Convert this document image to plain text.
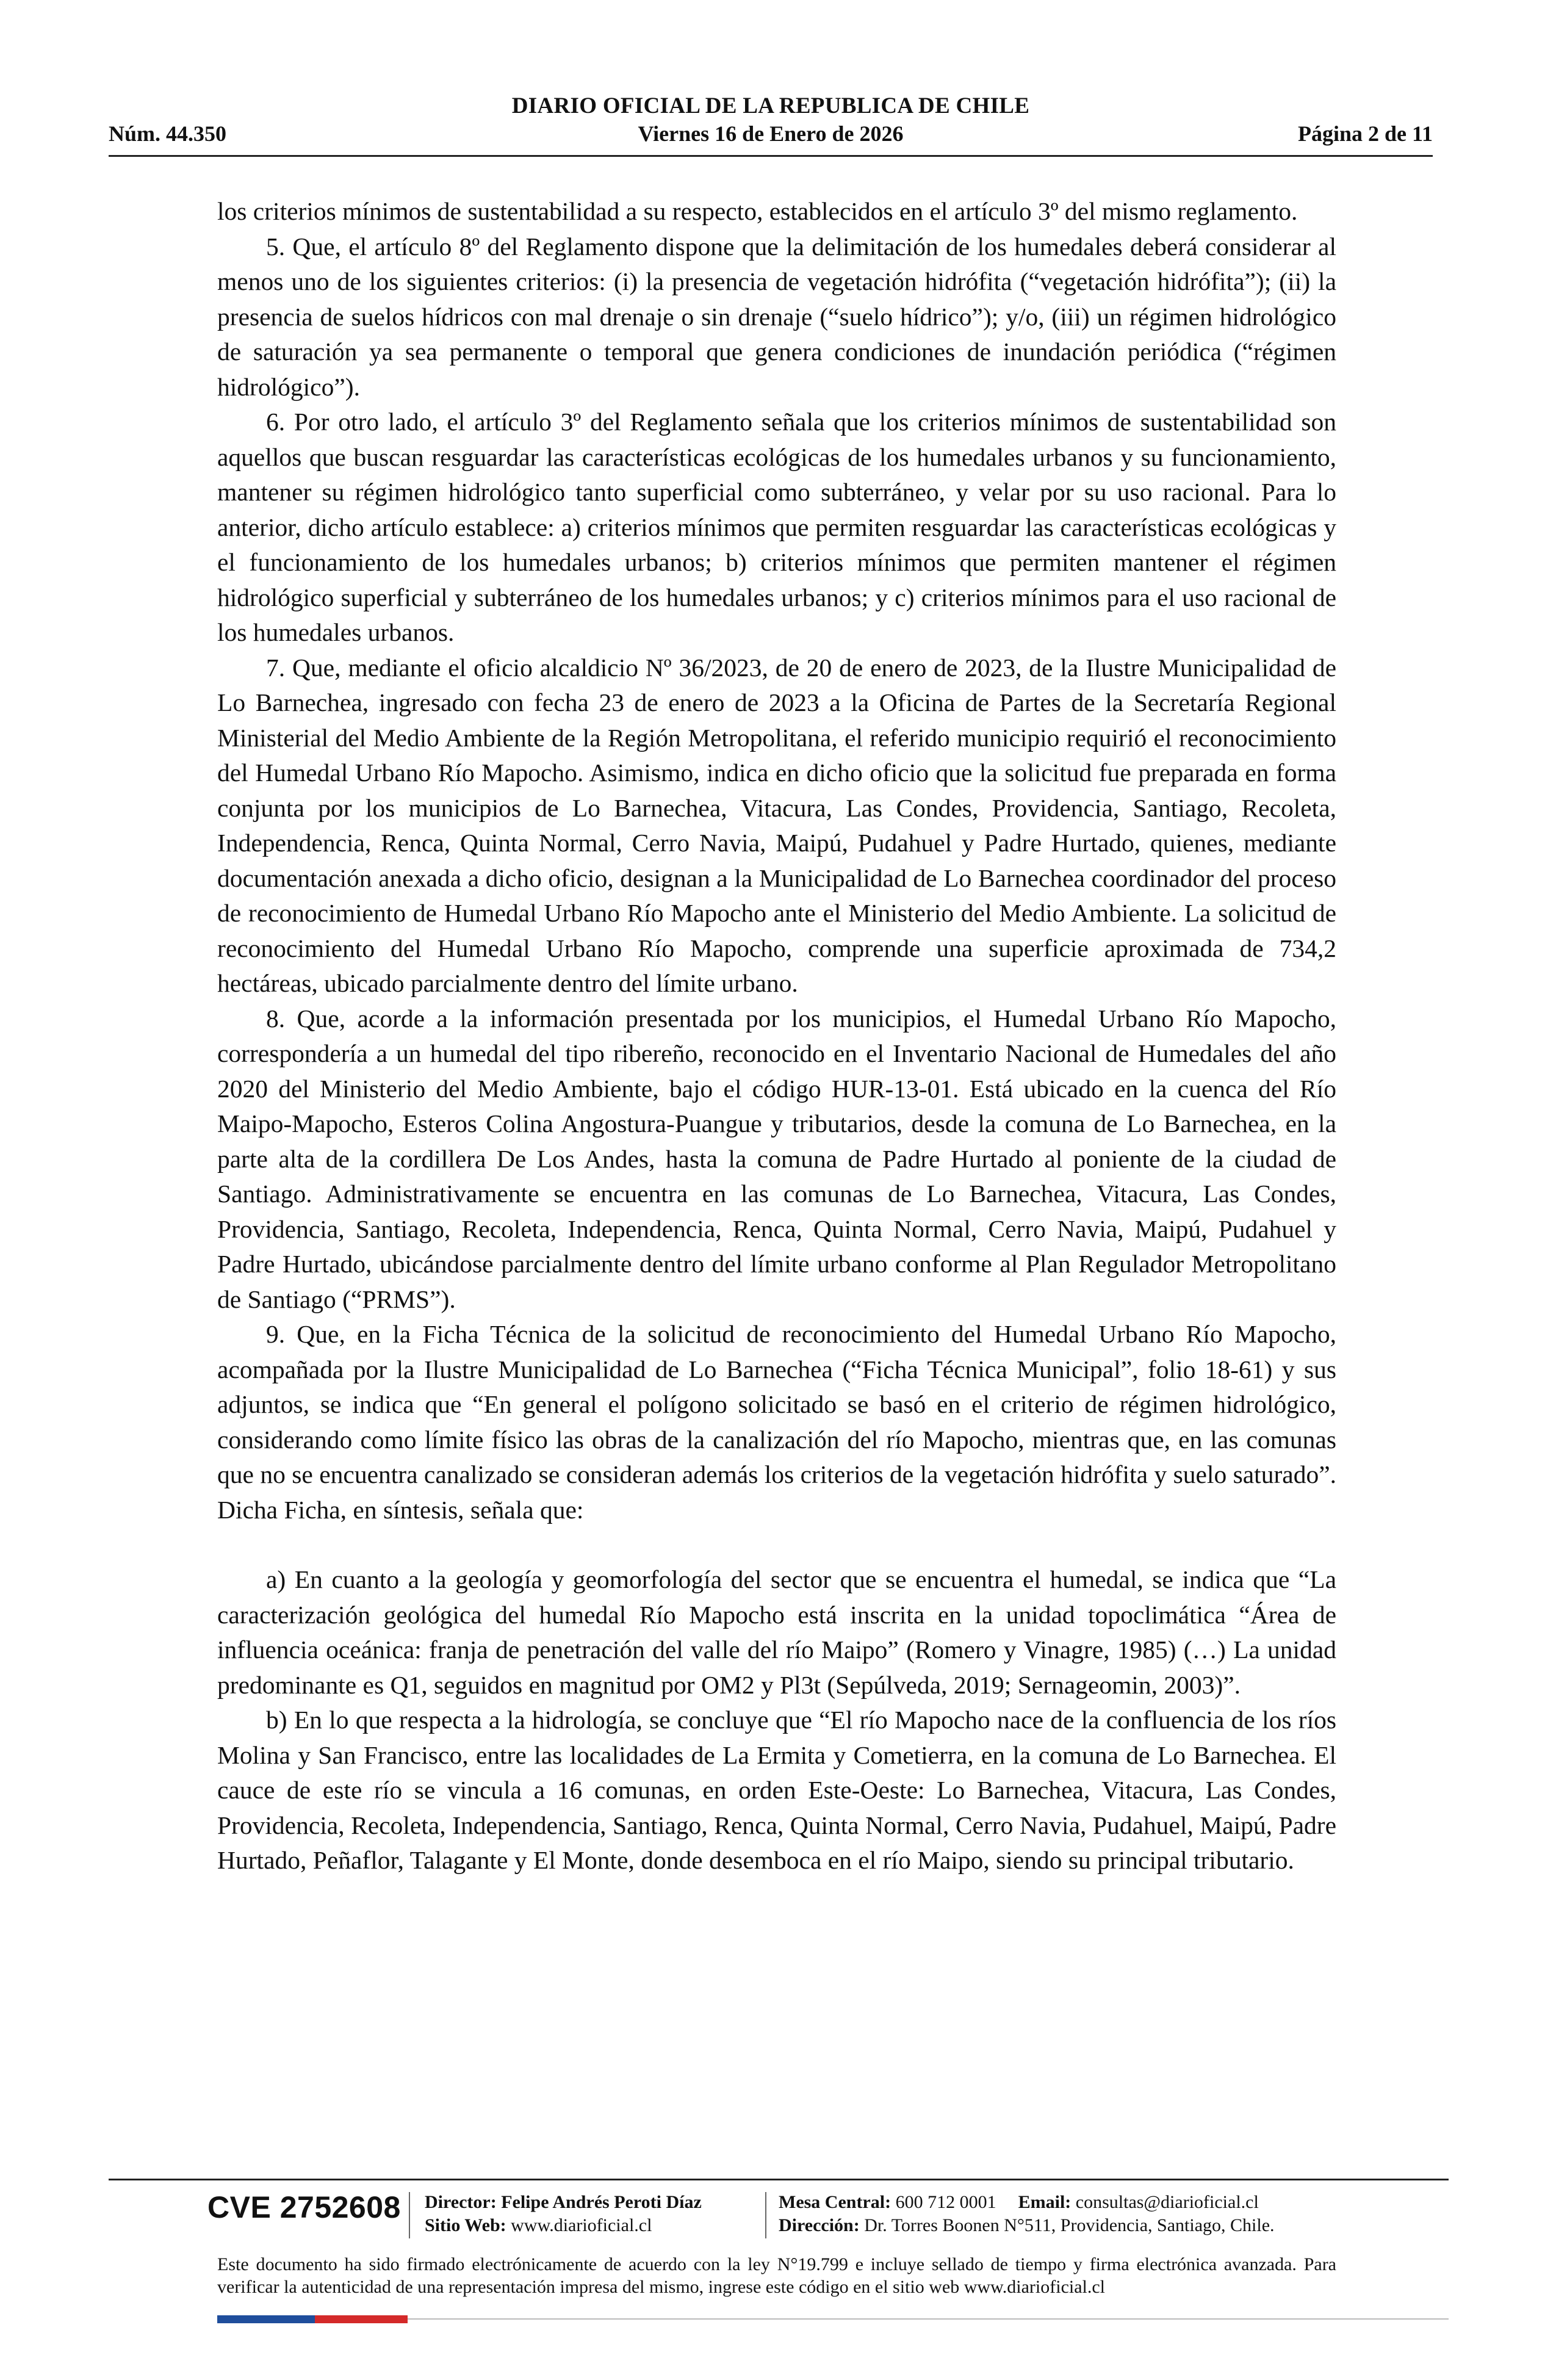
DIARIO OFICIAL DE LA REPUBLICA DE CHILE
Núm. 44.350	Viernes 16 de Enero de 2026	Página 2 de 11

los criterios mínimos de sustentabilidad a su respecto, establecidos en el artículo 3º del mismo reglamento.

5. Que, el artículo 8º del Reglamento dispone que la delimitación de los humedales deberá considerar al menos uno de los siguientes criterios: (i) la presencia de vegetación hidrófita (“vegetación hidrófita”); (ii) la presencia de suelos hídricos con mal drenaje o sin drenaje (“suelo hídrico”); y/o, (iii) un régimen hidrológico de saturación ya sea permanente o temporal que genera condiciones de inundación periódica (“régimen hidrológico”).

6. Por otro lado, el artículo 3º del Reglamento señala que los criterios mínimos de sustentabilidad son aquellos que buscan resguardar las características ecológicas de los humedales urbanos y su funcionamiento, mantener su régimen hidrológico tanto superficial como subterráneo, y velar por su uso racional. Para lo anterior, dicho artículo establece: a) criterios mínimos que permiten resguardar las características ecológicas y el funcionamiento de los humedales urbanos; b) criterios mínimos que permiten mantener el régimen hidrológico superficial y subterráneo de los humedales urbanos; y c) criterios mínimos para el uso racional de los humedales urbanos.

7. Que, mediante el oficio alcaldicio Nº 36/2023, de 20 de enero de 2023, de la Ilustre Municipalidad de Lo Barnechea, ingresado con fecha 23 de enero de 2023 a la Oficina de Partes de la Secretaría Regional Ministerial del Medio Ambiente de la Región Metropolitana, el referido municipio requirió el reconocimiento del Humedal Urbano Río Mapocho. Asimismo, indica en dicho oficio que la solicitud fue preparada en forma conjunta por los municipios de Lo Barnechea, Vitacura, Las Condes, Providencia, Santiago, Recoleta, Independencia, Renca, Quinta Normal, Cerro Navia, Maipú, Pudahuel y Padre Hurtado, quienes, mediante documentación anexada a dicho oficio, designan a la Municipalidad de Lo Barnechea coordinador del proceso de reconocimiento de Humedal Urbano Río Mapocho ante el Ministerio del Medio Ambiente. La solicitud de reconocimiento del Humedal Urbano Río Mapocho, comprende una superficie aproximada de 734,2 hectáreas, ubicado parcialmente dentro del límite urbano.

8. Que, acorde a la información presentada por los municipios, el Humedal Urbano Río Mapocho, correspondería a un humedal del tipo ribereño, reconocido en el Inventario Nacional de Humedales del año 2020 del Ministerio del Medio Ambiente, bajo el código HUR-13-01. Está ubicado en la cuenca del Río Maipo-Mapocho, Esteros Colina Angostura-Puangue y tributarios, desde la comuna de Lo Barnechea, en la parte alta de la cordillera De Los Andes, hasta la comuna de Padre Hurtado al poniente de la ciudad de Santiago. Administrativamente se encuentra en las comunas de Lo Barnechea, Vitacura, Las Condes, Providencia, Santiago, Recoleta, Independencia, Renca, Quinta Normal, Cerro Navia, Maipú, Pudahuel y Padre Hurtado, ubicándose parcialmente dentro del límite urbano conforme al Plan Regulador Metropolitano de Santiago (“PRMS”).

9. Que, en la Ficha Técnica de la solicitud de reconocimiento del Humedal Urbano Río Mapocho, acompañada por la Ilustre Municipalidad de Lo Barnechea (“Ficha Técnica Municipal”, folio 18-61) y sus adjuntos, se indica que “En general el polígono solicitado se basó en el criterio de régimen hidrológico, considerando como límite físico las obras de la canalización del río Mapocho, mientras que, en las comunas que no se encuentra canalizado se consideran además los criterios de la vegetación hidrófita y suelo saturado”. Dicha Ficha, en síntesis, señala que:

a) En cuanto a la geología y geomorfología del sector que se encuentra el humedal, se indica que “La caracterización geológica del humedal Río Mapocho está inscrita en la unidad topoclimática “Área de influencia oceánica: franja de penetración del valle del río Maipo” (Romero y Vinagre, 1985) (…) La unidad predominante es Q1, seguidos en magnitud por OM2 y Pl3t (Sepúlveda, 2019; Sernageomin, 2003)”.

b) En lo que respecta a la hidrología, se concluye que “El río Mapocho nace de la confluencia de los ríos Molina y San Francisco, entre las localidades de La Ermita y Cometierra, en la comuna de Lo Barnechea. El cauce de este río se vincula a 16 comunas, en orden Este-Oeste: Lo Barnechea, Vitacura, Las Condes, Providencia, Recoleta, Independencia, Santiago, Renca, Quinta Normal, Cerro Navia, Pudahuel, Maipú, Padre Hurtado, Peñaflor, Talagante y El Monte, donde desemboca en el río Maipo, siendo su principal tributario.

CVE 2752608 Director: Felipe Andrés Peroti Díaz
Sitio Web: www.diarioficial.cl
Mesa Central: 600 712 0001 Email: consultas@diarioficial.cl
Dirección: Dr. Torres Boonen N°511, Providencia, Santiago, Chile.
Este documento ha sido firmado electrónicamente de acuerdo con la ley N°19.799 e incluye sellado de tiempo y firma electrónica avanzada. Para verificar la autenticidad de una representación impresa del mismo, ingrese este código en el sitio web www.diarioficial.cl
